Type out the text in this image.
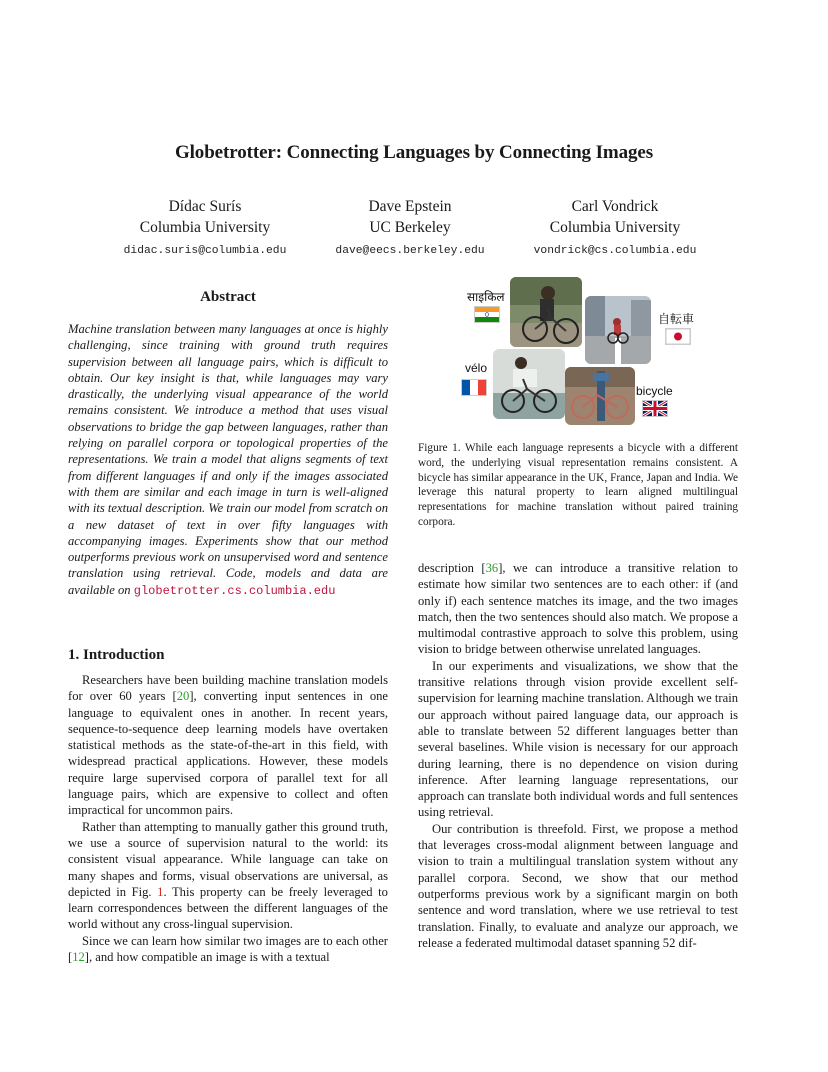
Globetrotter: Connecting Languages by Connecting Images
Dídac Surís
Columbia University
didac.suris@columbia.edu
Dave Epstein
UC Berkeley
dave@eecs.berkeley.edu
Carl Vondrick
Columbia University
vondrick@cs.columbia.edu
Abstract
Machine translation between many languages at once is highly challenging, since training with ground truth requires supervision between all language pairs, which is difficult to obtain. Our key insight is that, while languages may vary drastically, the underlying visual appearance of the world remains consistent. We introduce a method that uses visual observations to bridge the gap between languages, rather than relying on parallel corpora or topological properties of the representations. We train a model that aligns segments of text from different languages if and only if the images associated with them are similar and each image in turn is well-aligned with its textual description. We train our model from scratch on a new dataset of text in over fifty languages with accompanying images. Experiments show that our method outperforms previous work on unsupervised word and sentence translation using retrieval. Code, models and data are available on globetrotter.cs.columbia.edu
1. Introduction

Researchers have been building machine translation models for over 60 years [20], converting input sentences in one language to equivalent ones in another. In recent years, sequence-to-sequence deep learning models have overtaken statistical methods as the state-of-the-art in this field, with widespread practical applications. However, these models require large supervised corpora of parallel text for all language pairs, which are expensive to collect and often impractical for uncommon pairs.

Rather than attempting to manually gather this ground truth, we use a source of supervision natural to the world: its consistent visual appearance. While language can take on many shapes and forms, visual observations are universal, as depicted in Fig. 1. This property can be freely leveraged to learn correspondences between the different languages of the world without any cross-lingual supervision.

Since we can learn how similar two images are to each other [12], and how compatible an image is with a textual

साइकिल
自転車
vélo
bicycle
Figure 1. While each language represents a bicycle with a different word, the underlying visual representation remains consistent. A bicycle has similar appearance in the UK, France, Japan and India. We leverage this natural property to learn aligned multilingual representations for machine translation without paired training corpora.

description [36], we can introduce a transitive relation to estimate how similar two sentences are to each other: if (and only if) each sentence matches its image, and the two images match, then the two sentences should also match. We propose a multimodal contrastive approach to solve this problem, using vision to bridge between otherwise unrelated languages.

In our experiments and visualizations, we show that the transitive relations through vision provide excellent self-supervision for learning machine translation. Although we train our approach without paired language data, our approach is able to translate between 52 different languages better than several baselines. While vision is necessary for our approach during learning, there is no dependence on vision during inference. After learning language representations, our approach can translate both individual words and full sentences using retrieval.

Our contribution is threefold. First, we propose a method that leverages cross-modal alignment between language and vision to train a multilingual translation system without any parallel corpora. Second, we show that our method outperforms previous work by a significant margin on both sentence and word translation, where we use retrieval to test translation. Finally, to evaluate and analyze our approach, we release a federated multimodal dataset spanning 52 dif-
